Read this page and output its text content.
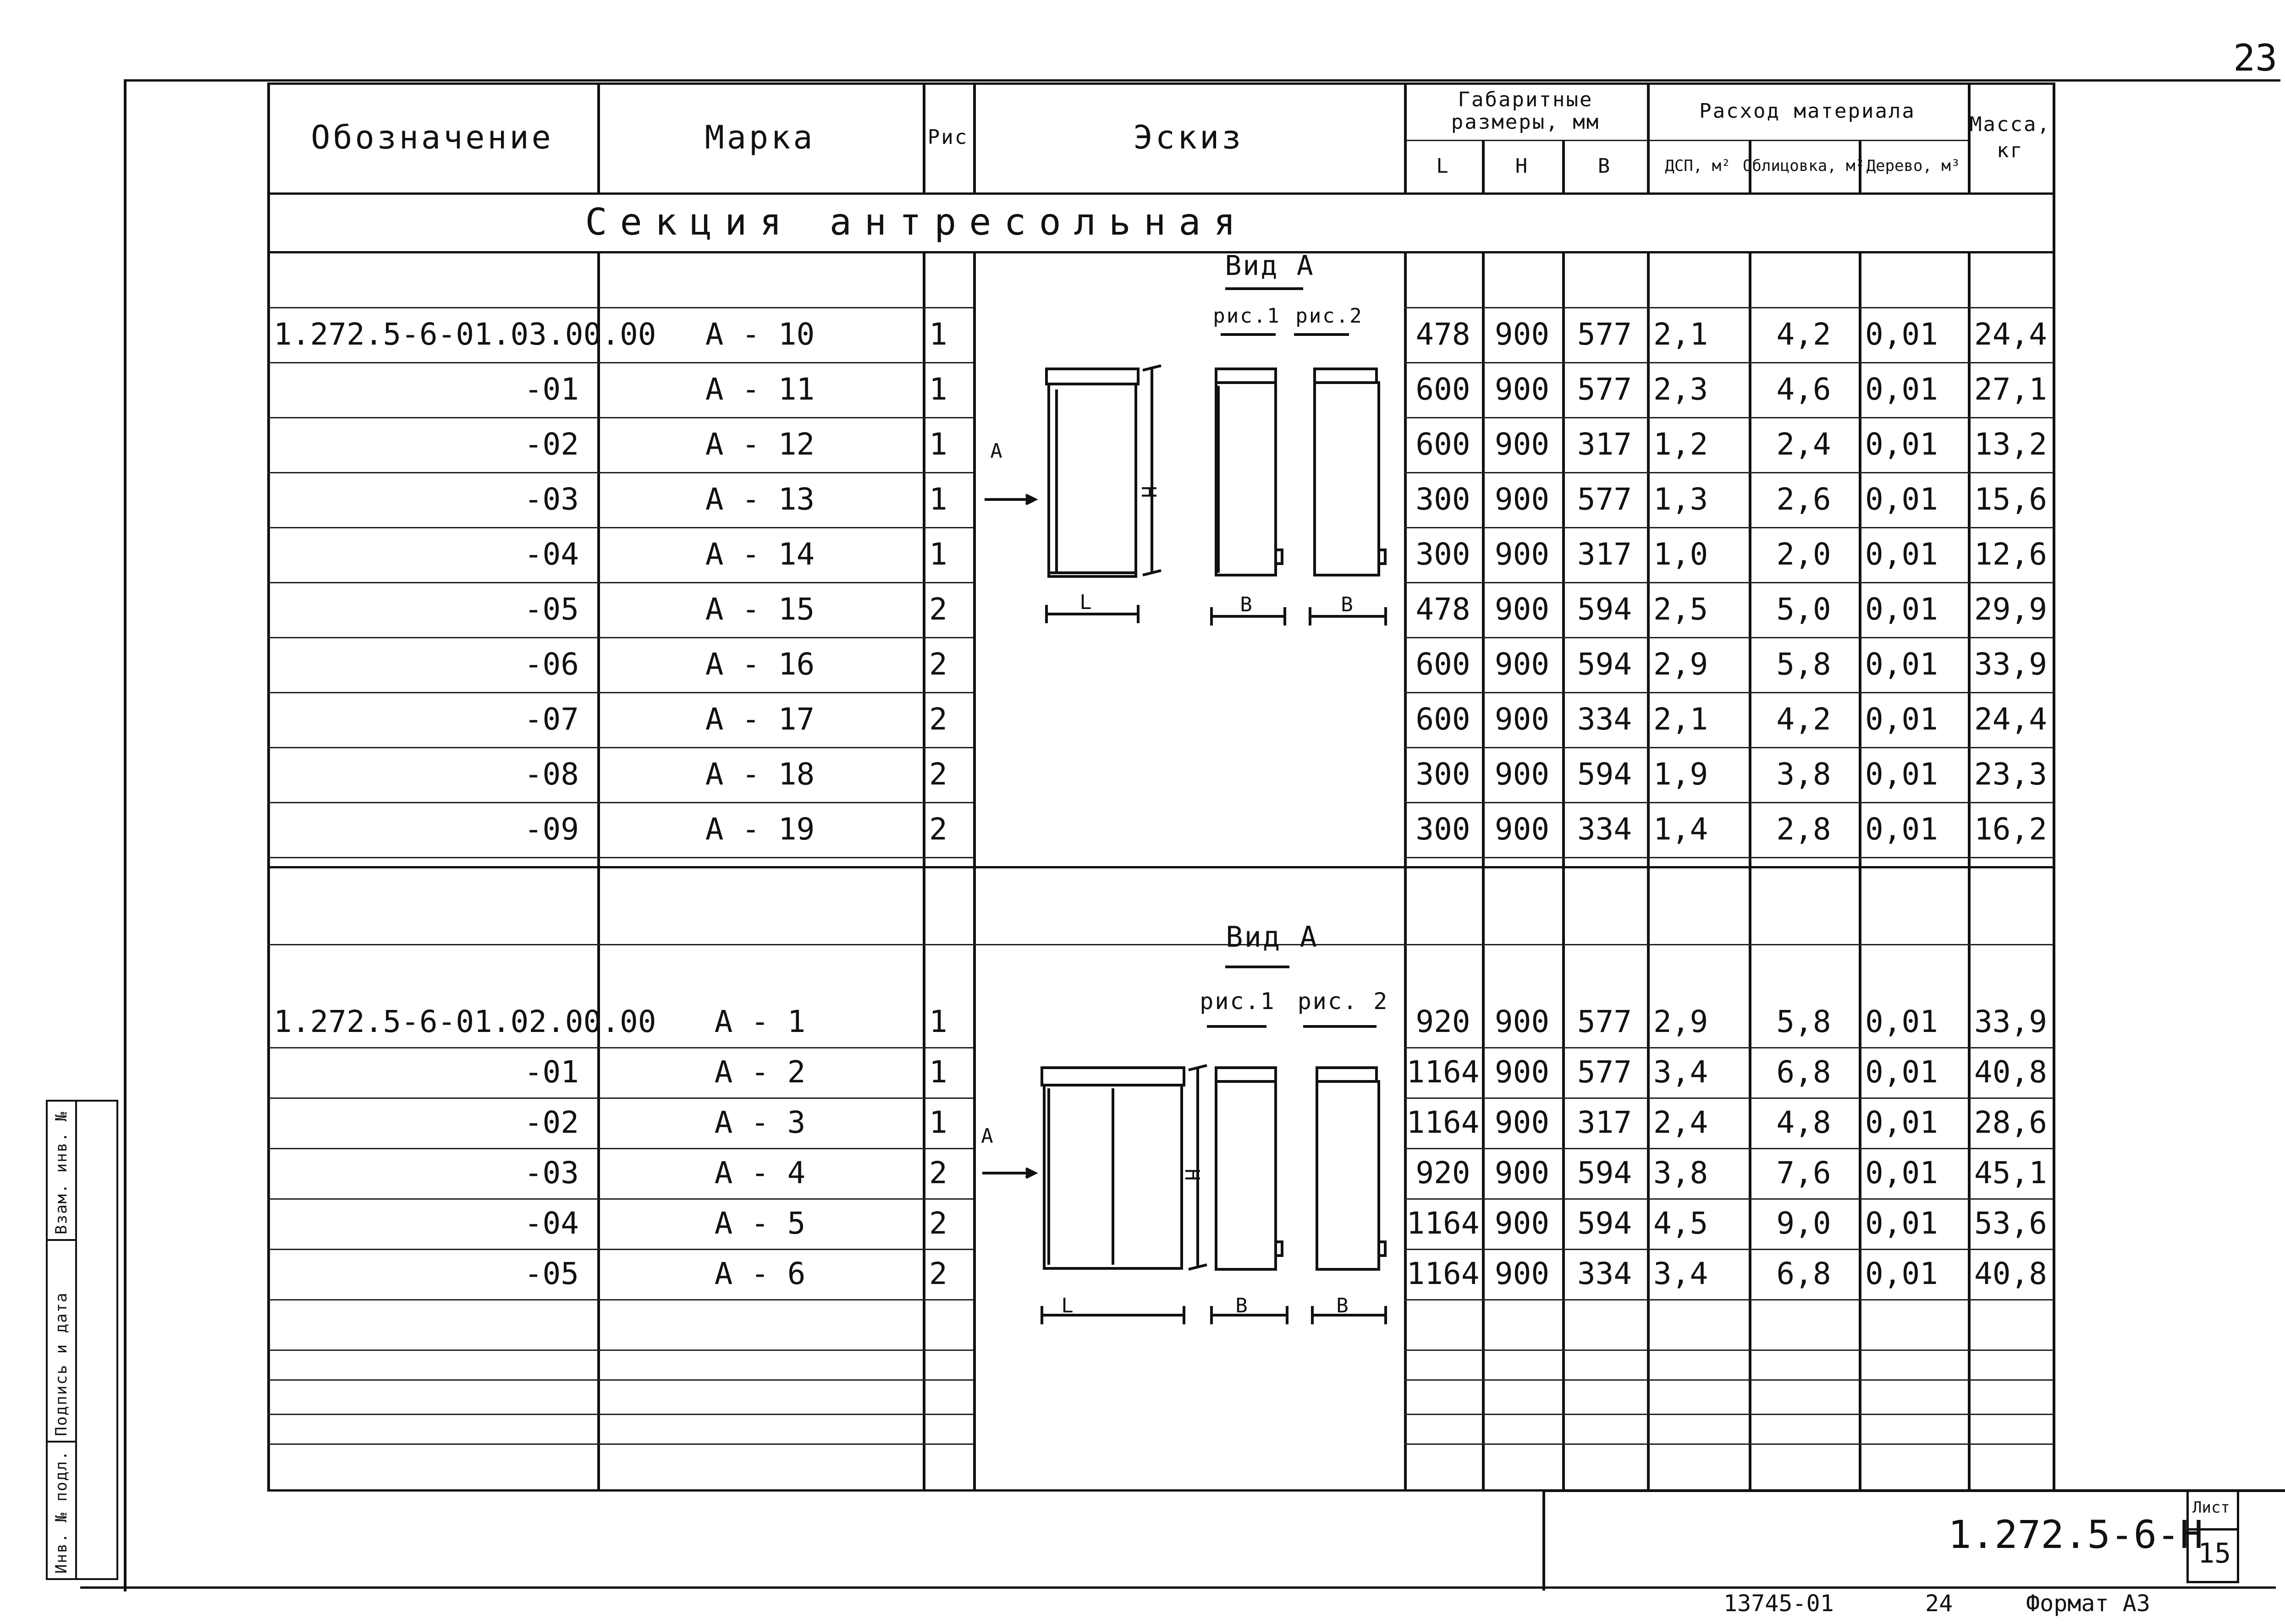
23
Обозначение	Марка	Рис	Эскиз
Габаритные размеры, мм
L	H	B
Расход материала
ДСП, м² Облицовка, м² Дерево, м³
Масса, кг
Секция антресольная
1.272.5-6-01.03.00.00	А - 10	1	478 900 577 2,1	4,2	0,01	24,4
-01	А - 11	1	600 900 577 2,3	4,6	0,01	27,1
-02	А - 12	1	600 900 317 1,2	2,4	0,01	13,2
-03	А - 13	1	300 900 577 1,3	2,6	0,01	15,6
-04	А - 14	1	300 900 317 1,0	2,0	0,01	12,6
-05	А - 15	2	478 900 594 2,5	5,0	0,01	29,9
-06	А - 16	2	600 900 594 2,9	5,8	0,01	33,9
-07	А - 17	2	600 900 334 2,1	4,2	0,01	24,4
-08	А - 18	2	300 900 594 1,9	3,8	0,01	23,3
-09	А - 19	2	300 900 334 1,4	2,8	0,01	16,2
1.272.5-6-01.02.00.00	А - 1	1	920 900 577 2,9	5,8	0,01	33,9
-01	А - 2	1	1164 900 577 3,4	6,8	0,01	40,8
-02	А - 3	1	1164 900 317 2,4	4,8	0,01	28,6
-03	А - 4	2	920 900 594 3,8	7,6	0,01	45,1
-04	А - 5	2	1164 900 594 4,5	9,0	0,01	53,6
-05	А - 6	2	1164 900 334 3,4	6,8	0,01	40,8
Вид А
рис.1 рис.2
А
H
L	B	B
Вид А
рис.1 рис. 2
А
H
L	B	B
Инв. № подл.
Подпись и дата
Взам. инв. №
1.272.5-6-Н
Лист
15
13745-01	24	Формат А3
